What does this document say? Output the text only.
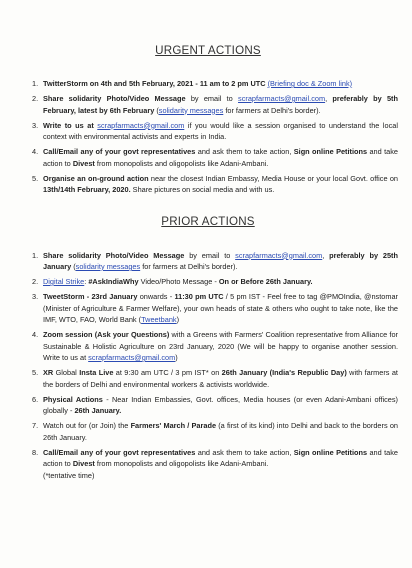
URGENT ACTIONS
1. TwitterStorm on 4th and 5th February, 2021 - 11 am to 2 pm UTC (Briefing doc & Zoom link)
2. Share solidarity Photo/Video Message by email to scrapfarmacts@gmail.com, preferably by 5th February, latest by 6th February (solidarity messages for farmers at Delhi's border).
3. Write to us at scrapfarmacts@gmail.com if you would like a session organised to understand the local context with environmental activists and experts in India.
4. Call/Email any of your govt representatives and ask them to take action, Sign online Petitions and take action to Divest from monopolists and oligopolists like Adani-Ambani.
5. Organise an on-ground action near the closest Indian Embassy, Media House or your local Govt. office on 13th/14th February, 2020. Share pictures on social media and with us.
PRIOR ACTIONS
1. Share solidarity Photo/Video Message by email to scrapfarmacts@gmail.com, preferably by 25th January (solidarity messages for farmers at Delhi's border).
2. Digital Strike: #AskIndiaWhy Video/Photo Message - On or Before 26th January.
3. TweetStorm - 23rd January onwards - 11:30 pm UTC / 5 pm IST - Feel free to tag @PMOIndia, @nstomar (Minister of Agriculture & Farmer Welfare), your own heads of state & others who ought to take note, like the IMF, WTO, FAO, World Bank (Tweetbank)
4. Zoom session (Ask your Questions) with a Greens with Farmers' Coalition representative from Alliance for Sustainable & Holistic Agriculture on 23rd January, 2020 (We will be happy to organise another session. Write to us at scrapfarmacts@gmail.com)
5. XR Global Insta Live at 9:30 am UTC / 3 pm IST* on 26th January (India's Republic Day) with farmers at the borders of Delhi and environmental workers & activists worldwide.
6. Physical Actions - Near Indian Embassies, Govt. offices, Media houses (or even Adani-Ambani offices) globally - 26th January.
7. Watch out for (or Join) the Farmers' March / Parade (a first of its kind) into Delhi and back to the borders on 26th January.
8. Call/Email any of your govt representatives and ask them to take action, Sign online Petitions and take action to Divest from monopolists and oligopolists like Adani-Ambani.
(*tentative time)
